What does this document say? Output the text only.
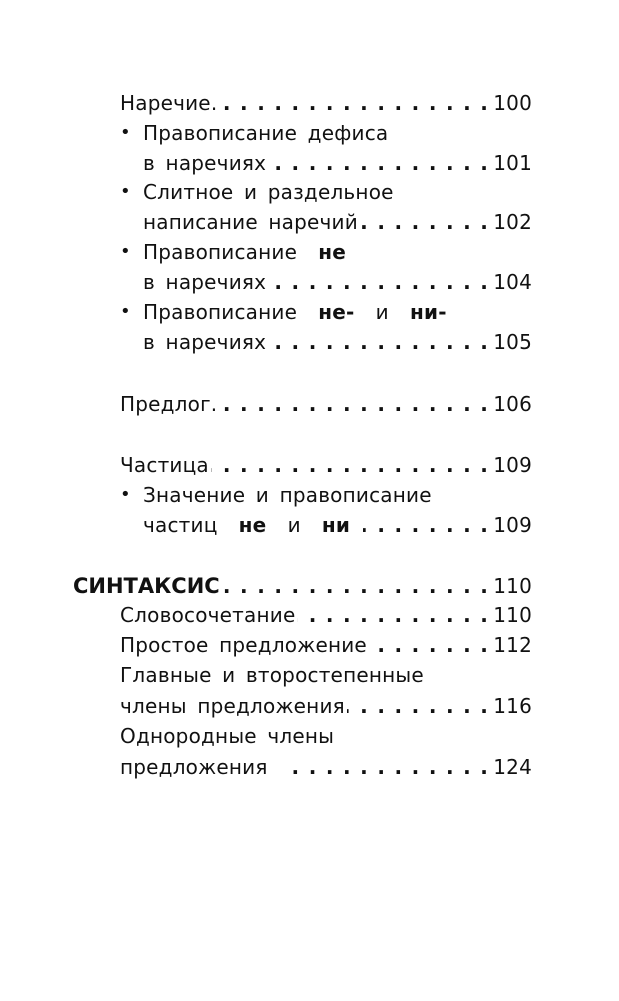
Наречие. . . .	100
• Правописание дефиса
в наречиях . . .	101
• Слитное и раздельное
написание наречий . . .	102
• Правописание
не
в наречиях . . .	104
• Правописание
не-
и
ни-
в наречиях . . .	105
Предлог. . . .	106
Частица . . .	109
• Значение и правописание
частиц
не
и
ни
. . .	109
СИНТАКСИС . . .	110
Словосочетание . . .	110
Простое предложение . . .	112
Главные и второстепенные
члены предложения . . .	116
Однородные члены
предложения
. . .	124
